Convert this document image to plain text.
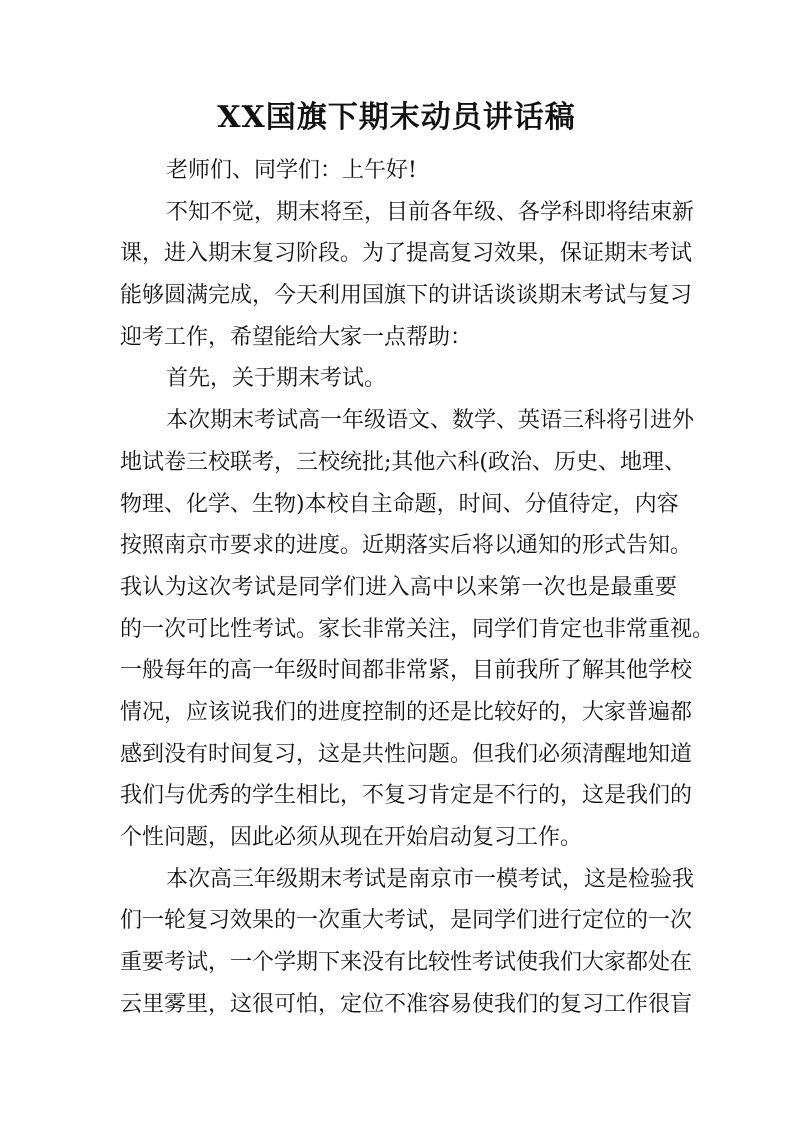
XX国旗下期末动员讲话稿
老师们、同学们：上午好!
不知不觉，期末将至，目前各年级、各学科即将结束新
课，进入期末复习阶段。为了提高复习效果，保证期末考试
能够圆满完成，今天利用国旗下的讲话谈谈期末考试与复习
迎考工作，希望能给大家一点帮助：
首先，关于期末考试。
本次期末考试高一年级语文、数学、英语三科将引进外
地试卷三校联考，三校统批;其他六科(政治、历史、地理、
物理、化学、生物)本校自主命题，时间、分值待定，内容
按照南京市要求的进度。近期落实后将以通知的形式告知。
我认为这次考试是同学们进入高中以来第一次也是最重要
的一次可比性考试。家长非常关注，同学们肯定也非常重视。
一般每年的高一年级时间都非常紧，目前我所了解其他学校
情况，应该说我们的进度控制的还是比较好的，大家普遍都
感到没有时间复习，这是共性问题。但我们必须清醒地知道
我们与优秀的学生相比，不复习肯定是不行的，这是我们的
个性问题，因此必须从现在开始启动复习工作。
本次高三年级期末考试是南京市一模考试，这是检验我
们一轮复习效果的一次重大考试，是同学们进行定位的一次
重要考试，一个学期下来没有比较性考试使我们大家都处在
云里雾里，这很可怕，定位不准容易使我们的复习工作很盲
